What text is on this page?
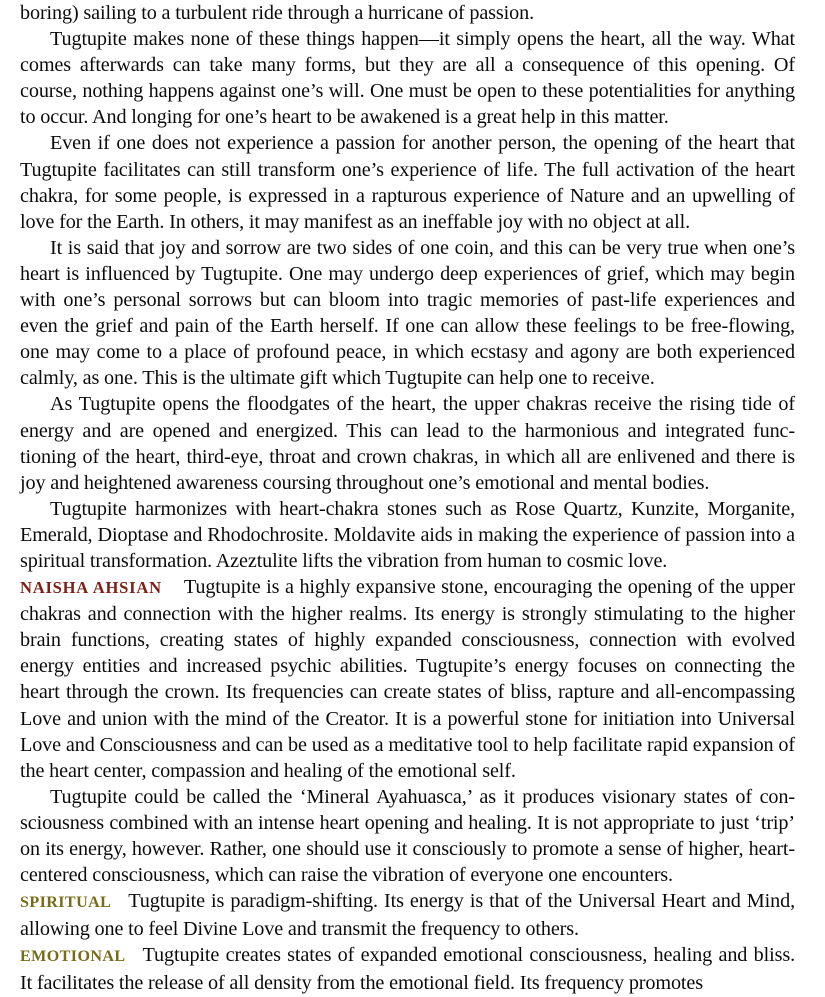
boring) sailing to a turbulent ride through a hurricane of passion.

Tugtupite makes none of these things happen—it simply opens the heart, all the way. What comes afterwards can take many forms, but they are all a consequence of this opening. Of course, nothing happens against one’s will. One must be open to these potentialities for anything to occur. And longing for one’s heart to be awakened is a great help in this matter.

Even if one does not experience a passion for another person, the opening of the heart that Tugtupite facilitates can still transform one’s experience of life. The full activation of the heart chakra, for some people, is expressed in a rapturous experience of Nature and an upwelling of love for the Earth. In others, it may manifest as an ineffable joy with no object at all.

It is said that joy and sorrow are two sides of one coin, and this can be very true when one’s heart is influenced by Tugtupite. One may undergo deep experiences of grief, which may begin with one’s personal sorrows but can bloom into tragic memories of past-life experiences and even the grief and pain of the Earth herself. If one can allow these feelings to be free-flowing, one may come to a place of profound peace, in which ecstasy and agony are both experienced calmly, as one. This is the ultimate gift which Tugtupite can help one to receive.

As Tugtupite opens the floodgates of the heart, the upper chakras receive the rising tide of energy and are opened and energized. This can lead to the harmonious and integrated func-tioning of the heart, third-eye, throat and crown chakras, in which all are enlivened and there is joy and heightened awareness coursing throughout one’s emotional and mental bodies.

Tugtupite harmonizes with heart-chakra stones such as Rose Quartz, Kunzite, Morganite, Emerald, Dioptase and Rhodochrosite. Moldavite aids in making the experience of passion into a spiritual transformation. Azeztulite lifts the vibration from human to cosmic love.

NAISHA AHSIAN Tugtupite is a highly expansive stone, encouraging the opening of the upper chakras and connection with the higher realms. Its energy is strongly stimulating to the higher brain functions, creating states of highly expanded consciousness, connection with evolved energy entities and increased psychic abilities. Tugtupite’s energy focuses on connecting the heart through the crown. Its frequencies can create states of bliss, rapture and all-encompassing Love and union with the mind of the Creator. It is a powerful stone for initiation into Universal Love and Consciousness and can be used as a meditative tool to help facilitate rapid expansion of the heart center, compassion and healing of the emotional self.

Tugtupite could be called the ‘Mineral Ayahuasca,’ as it produces visionary states of con-sciousness combined with an intense heart opening and healing. It is not appropriate to just ‘trip’ on its energy, however. Rather, one should use it consciously to promote a sense of higher, heart-centered consciousness, which can raise the vibration of everyone one encounters.

SPIRITUAL Tugtupite is paradigm-shifting. Its energy is that of the Universal Heart and Mind, allowing one to feel Divine Love and transmit the frequency to others.

EMOTIONAL Tugtupite creates states of expanded emotional consciousness, healing and bliss. It facilitates the release of all density from the emotional field. Its frequency promotes
